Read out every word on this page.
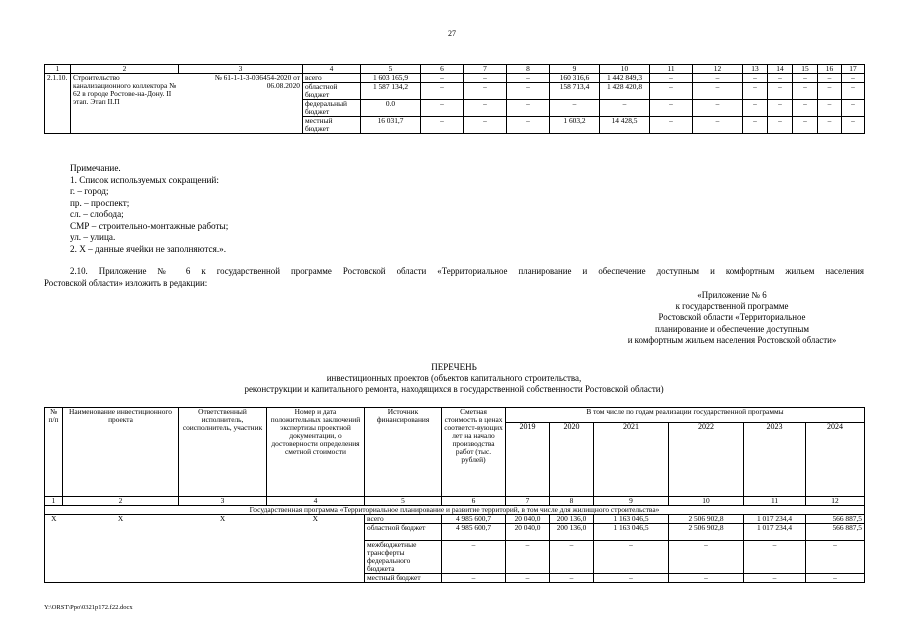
27
1	2	3	4	5	6	7	8	9	10	11	12	13	14	15	16	17
2.1.10.	Строительство канализационного коллектора № 62 в городе Ростове-на-Дону. II этап. Этап II.П	№ 61-1-1-3-036454-2020 от 06.08.2020	всего	1 603 165,9	–	–	–	160 316,6	1 442 849,3	–	–	–	–	–	–	–
			областной бюджет	1 587 134,2	–	–	–	158 713,4	1 428 420,8	–	–	–	–	–	–	–
			федеральный бюджет	0.0	–	–	–	–	–	–	–	–	–	–	–	–
			местный бюджет	16 031,7	–	–	–	1 603,2	14 428,5	–	–	–	–	–	–	–
Примечание.
1. Список используемых сокращений:
г. – город;
пр. – проспект;
сл. – слобода;
СМР – строительно-монтажные работы;
ул. – улица.
2. Х – данные ячейки не заполняются.».
2.10. Приложение № 6 к государственной программе Ростовской области «Территориальное планирование и обеспечение доступным и комфортным жильем населения
Ростовской области» изложить в редакции:
«Приложение № 6
к государственной программе
Ростовской области «Территориальное
планирование и обеспечение доступным
и комфортным жильем населения Ростовской области»
ПЕРЕЧЕНЬ
инвестиционных проектов (объектов капитального строительства,
реконструкции и капитального ремонта, находящихся в государственной собственности Ростовской области)
№ п/п	Наименование инвестиционного проекта	Ответственный исполнитель, соисполнитель, участник	Номер и дата положительных заключений экспертизы проектной документации, о достоверности определения сметной стоимости	Источник финансирования	Сметная стоимость в ценах соответст-вующих лет на начало производства работ (тыс. рублей)	В том числе по годам реализации государственной программы					
						2019	2020	2021	2022	2023	2024
1	2	3	4	5	6	7	8	9	10	11	12
Государственная программа «Территориальное планирование и развитие территорий, в том числе для жилищного строительства»											
Х	Х	Х	Х	всего	4 985 600,7	20 040,0	200 136,0	1 163 046,5	2 506 902,8	1 017 234,4	566 887,5
				областной бюджет	4 985 600,7	20 040,0	200 136,0	1 163 046,5	2 506 902,8	1 017 234,4	566 887,5
				межбюджетные трансферты федерального бюджета	–	–	–	–	–	–	–
				местный бюджет	–	–	–	–	–	–	–
Y:\ORST\Ppo\0321p172.f22.docx
